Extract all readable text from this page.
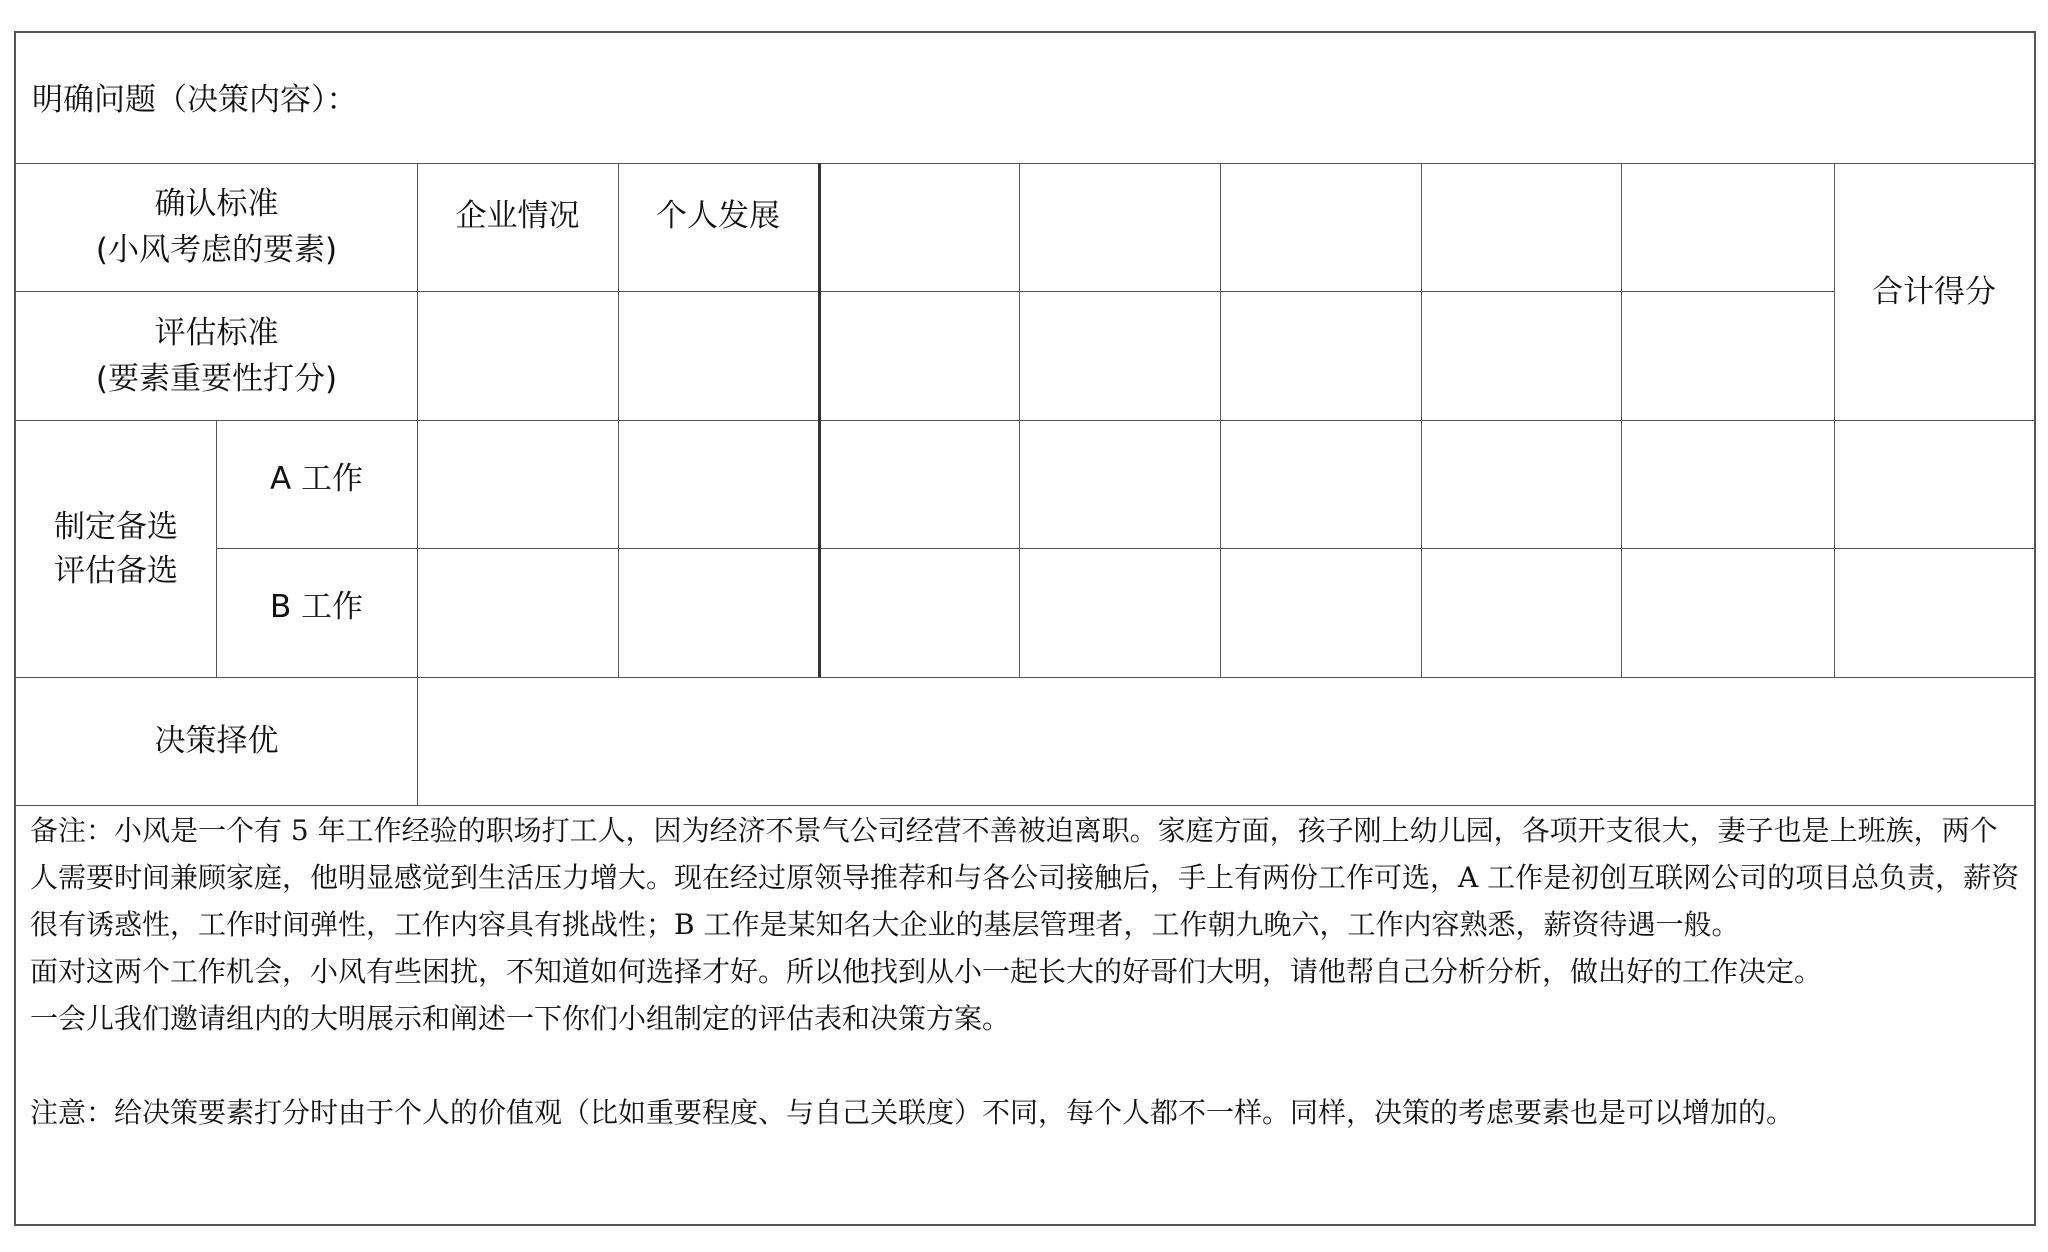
明确问题（决策内容）：
确认标准
(小风考虑的要素)
评估标准
(要素重要性打分)
企业情况	个人发展
合计得分
制定备选
评估备选
A 工作
B 工作
决策择优

备注：小风是一个有 5 年工作经验的职场打工人，因为经济不景气公司经营不善被迫离职。家庭方面，孩子刚上幼儿园，各项开支很大，妻子也是上班族，两个人需要时间兼顾家庭，他明显感觉到生活压力增大。现在经过原领导推荐和与各公司接触后，手上有两份工作可选，A 工作是初创互联网公司的项目总负责，薪资很有诱惑性，工作时间弹性，工作内容具有挑战性；B 工作是某知名大企业的基层管理者，工作朝九晚六，工作内容熟悉，薪资待遇一般。

面对这两个工作机会，小风有些困扰，不知道如何选择才好。所以他找到从小一起长大的好哥们大明，请他帮自己分析分析，做出好的工作决定。

一会儿我们邀请组内的大明展示和阐述一下你们小组制定的评估表和决策方案。

注意：给决策要素打分时由于个人的价值观（比如重要程度、与自己关联度）不同，每个人都不一样。同样，决策的考虑要素也是可以增加的。
